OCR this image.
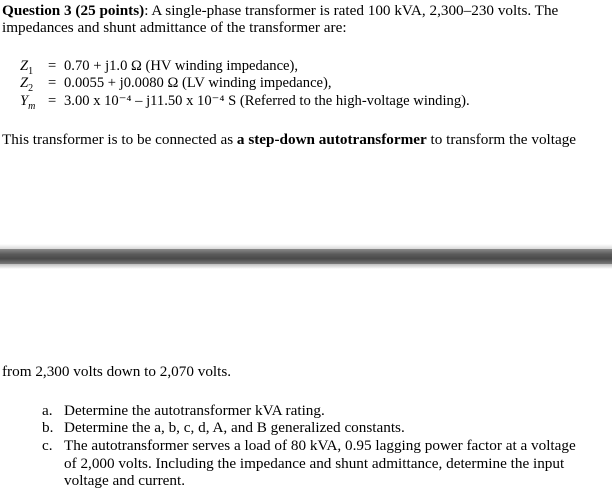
Question 3 (25 points): A single-phase transformer is rated 100 kVA, 2,300–230 volts. The
impedances and shunt admittance of the transformer are:
$Z_1 = 0.70 + j1.0$ Ω (HV winding impedance),
$Z_2 = 0.0055 + j0.0080$ Ω (LV winding impedance),
$Y_m = 3.00$ x 10⁻⁴ – j11.50 x 10⁻⁴ S (Referred to the high-voltage winding).
This transformer is to be connected as a step-down autotransformer to transform the voltage
from 2,300 volts down to 2,070 volts.
a. Determine the autotransformer kVA rating.
b. Determine the a, b, c, d, A, and B generalized constants.
c. The autotransformer serves a load of 80 kVA, 0.95 lagging power factor at a voltage
of 2,000 volts. Including the impedance and shunt admittance, determine the input
voltage and current.
